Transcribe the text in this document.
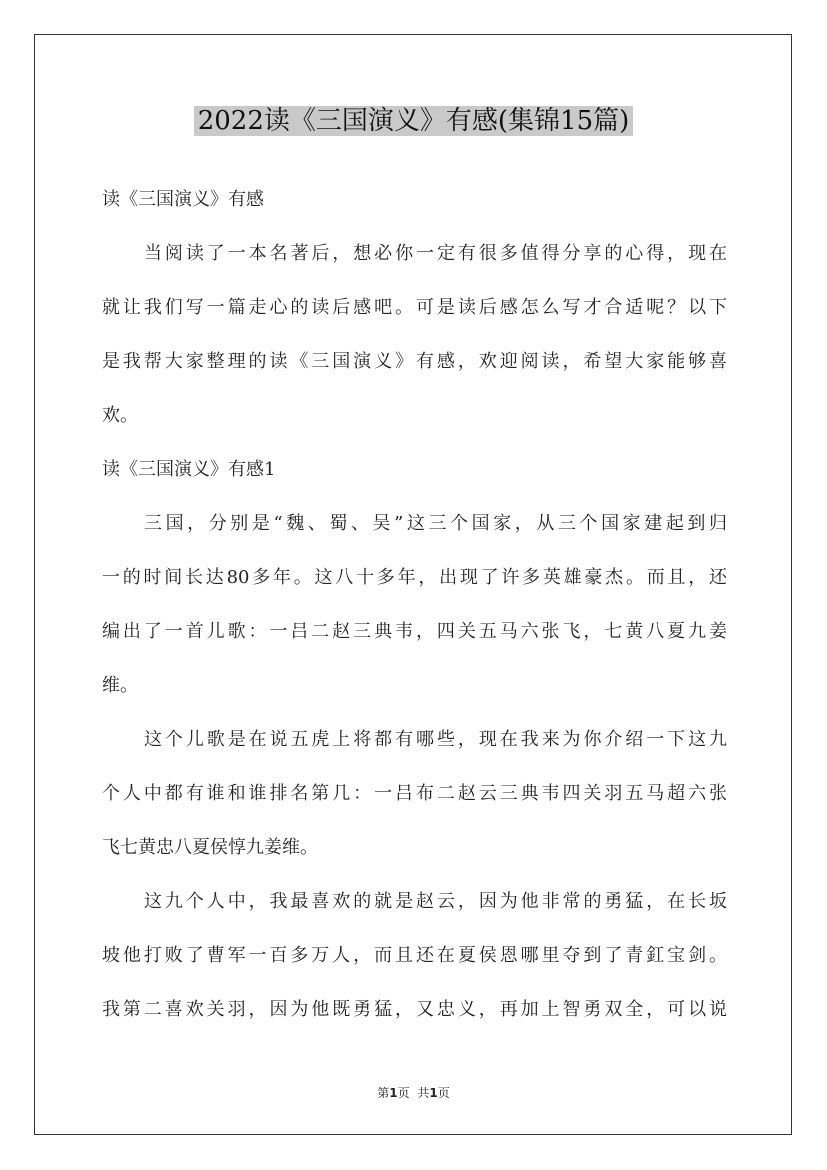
2022读《三国演义》有感(集锦15篇)

读《三国演义》有感

当阅读了一本名著后，想必你一定有很多值得分享的心得，现在

就让我们写一篇走心的读后感吧。可是读后感怎么写才合适呢？以下

是我帮大家整理的读《三国演义》有感，欢迎阅读，希望大家能够喜

欢。

读《三国演义》有感1

三国，分别是“魏、蜀、吴”这三个国家，从三个国家建起到归

一的时间长达80多年。这八十多年，出现了许多英雄豪杰。而且，还

编出了一首儿歌：一吕二赵三典韦，四关五马六张飞，七黄八夏九姜

维。

这个儿歌是在说五虎上将都有哪些，现在我来为你介绍一下这九

个人中都有谁和谁排名第几：一吕布二赵云三典韦四关羽五马超六张

飞七黄忠八夏侯惇九姜维。

这九个人中，我最喜欢的就是赵云，因为他非常的勇猛，在长坂

坡他打败了曹军一百多万人，而且还在夏侯恩哪里夺到了青釭宝剑。

我第二喜欢关羽，因为他既勇猛，又忠义，再加上智勇双全，可以说

第1页 共1页
